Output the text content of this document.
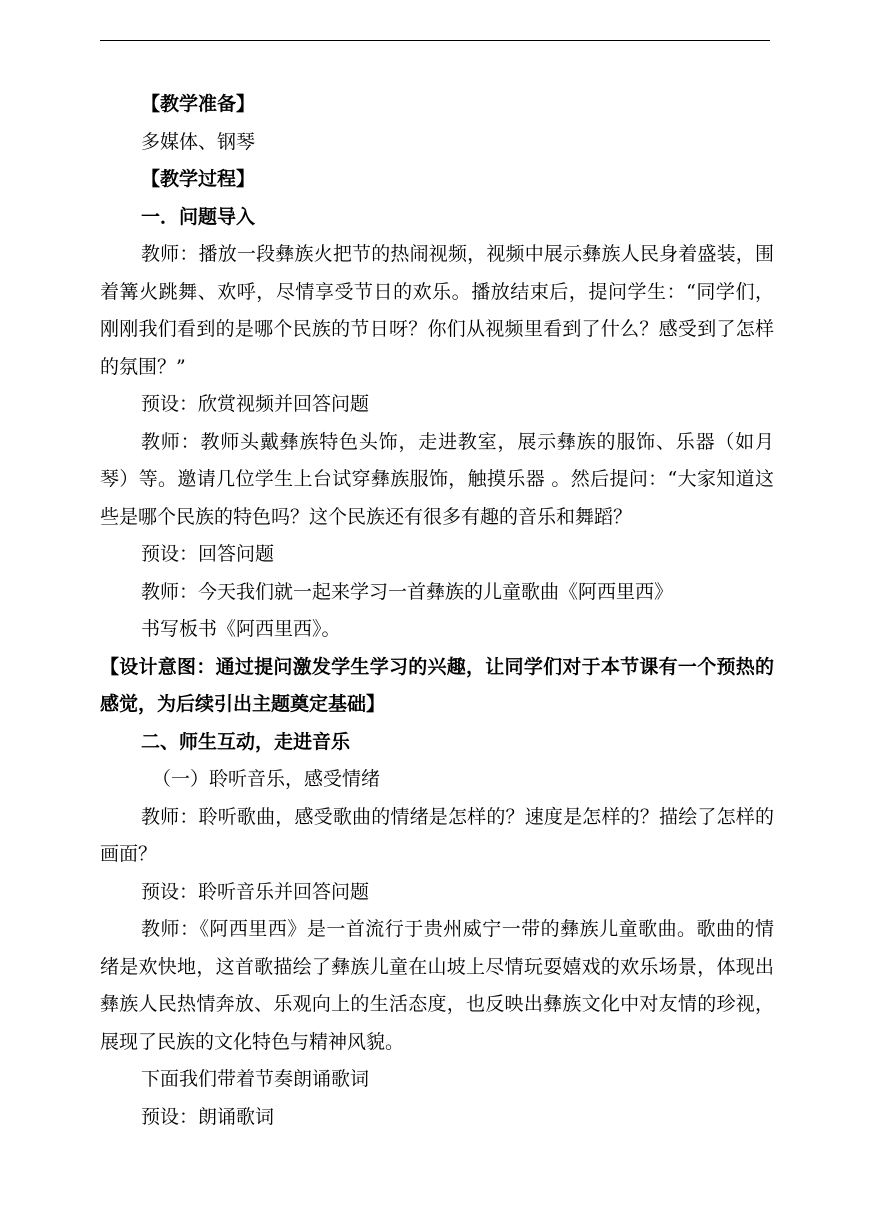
【教学准备】

多媒体、钢琴

【教学过程】

一．问题导入

教师：播放一段彝族火把节的热闹视频，视频中展示彝族人民身着盛装，围着篝火跳舞、欢呼，尽情享受节日的欢乐。播放结束后，提问学生：“同学们，刚刚我们看到的是哪个民族的节日呀？你们从视频里看到了什么？感受到了怎样的氛围？”

预设：欣赏视频并回答问题

教师：教师头戴彝族特色头饰，走进教室，展示彝族的服饰、乐器（如月琴）等。邀请几位学生上台试穿彝族服饰，触摸乐器 。然后提问：“大家知道这些是哪个民族的特色吗？这个民族还有很多有趣的音乐和舞蹈？

预设：回答问题

教师：今天我们就一起来学习一首彝族的儿童歌曲《阿西里西》

书写板书《阿西里西》。

【设计意图：通过提问激发学生学习的兴趣，让同学们对于本节课有一个预热的感觉，为后续引出主题奠定基础】

二、师生互动，走进音乐

（一）聆听音乐，感受情绪

教师：聆听歌曲，感受歌曲的情绪是怎样的？速度是怎样的？描绘了怎样的画面？

预设：聆听音乐并回答问题

教师：《阿西里西》是一首流行于贵州威宁一带的彝族儿童歌曲。歌曲的情绪是欢快地，这首歌描绘了彝族儿童在山坡上尽情玩耍嬉戏的欢乐场景，体现出彝族人民热情奔放、乐观向上的生活态度，也反映出彝族文化中对友情的珍视，展现了民族的文化特色与精神风貌。

下面我们带着节奏朗诵歌词

预设：朗诵歌词
